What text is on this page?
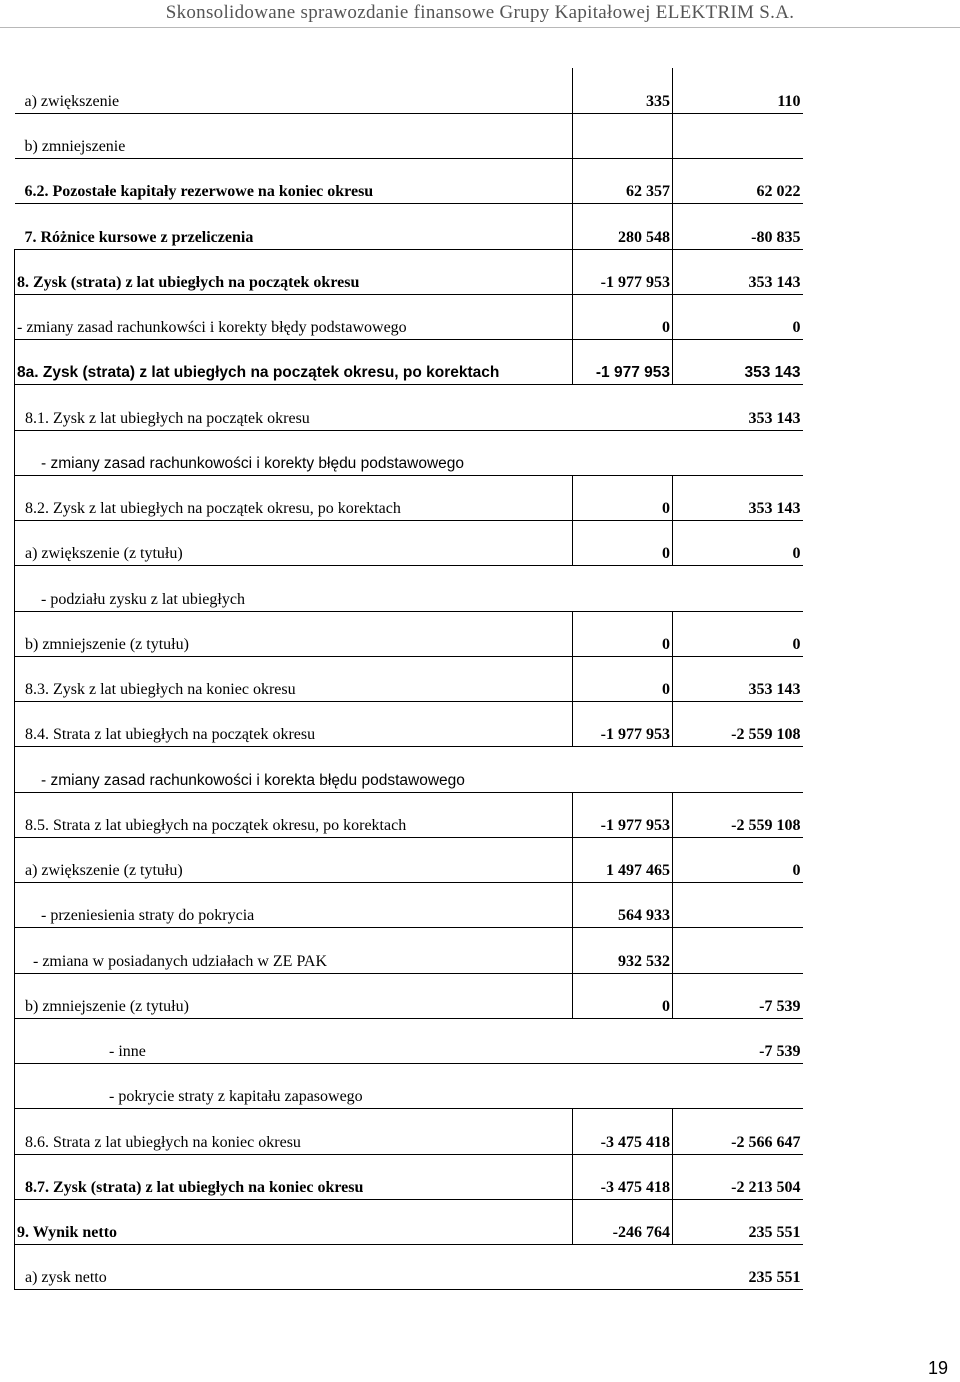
Skonsolidowane sprawozdanie finansowe Grupy Kapitałowej ELEKTRIM S.A.
a) zwiększenie	335	110
b) zmniejszenie		
6.2. Pozostałe kapitały rezerwowe na koniec okresu	62 357	62 022
7. Różnice kursowe z przeliczenia	280 548	-80 835
8. Zysk (strata) z lat ubiegłych na początek okresu	-1 977 953	353 143
- zmiany zasad rachunkowści i korekty błędy podstawowego	0	0
8a. Zysk (strata) z lat ubiegłych na początek okresu, po korektach	-1 977 953	353 143
8.1. Zysk z lat ubiegłych na początek okresu		353 143
- zmiany zasad rachunkowości i korekty błędu podstawowego		
8.2. Zysk z lat ubiegłych na początek okresu, po korektach	0	353 143
a) zwiększenie (z tytułu)	0	0
- podziału zysku z lat ubiegłych		
b) zmniejszenie (z tytułu)	0	0
8.3. Zysk z lat ubiegłych na koniec okresu	0	353 143
8.4. Strata z lat ubiegłych na początek okresu	-1 977 953	-2 559 108
- zmiany zasad rachunkowości i korekta błędu podstawowego		
8.5. Strata z lat ubiegłych na początek okresu, po korektach	-1 977 953	-2 559 108
a) zwiększenie (z tytułu)	1 497 465	0
- przeniesienia straty do pokrycia	564 933	
- zmiana w posiadanych udziałach w ZE PAK	932 532	
b) zmniejszenie (z tytułu)	0	-7 539
- inne		-7 539
- pokrycie straty z kapitału zapasowego		
8.6. Strata z lat ubiegłych na koniec okresu	-3 475 418	-2 566 647
8.7. Zysk (strata) z lat ubiegłych na koniec okresu	-3 475 418	-2 213 504
9. Wynik netto	-246 764	235 551
a) zysk netto		235 551
19
